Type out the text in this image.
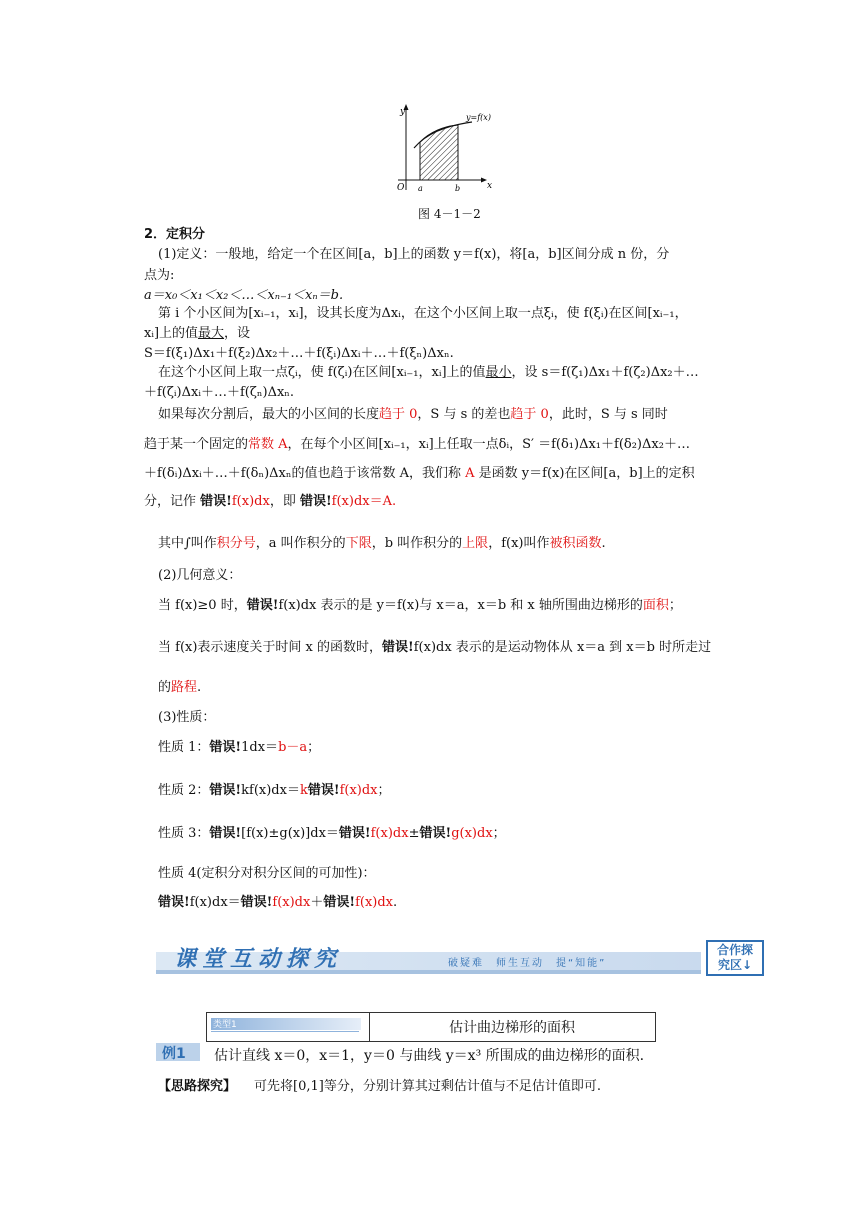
y
x
O a	b
y=f(x)
图 4－1－2
2．定积分
(1)定义：一般地，给定一个在区间[a，b]上的函数 y＝f(x)，将[a，b]区间分成 n 份，分
点为:
a＝x₀＜x₁＜x₂＜…＜xₙ₋₁＜xₙ＝b.
第 i 个小区间为[xᵢ₋₁，xᵢ]，设其长度为Δxᵢ，在这个小区间上取一点ξᵢ，使 f(ξᵢ)在区间[xᵢ₋₁，
xᵢ]上的值最大，设
S＝f(ξ₁)Δx₁＋f(ξ₂)Δx₂＋…＋f(ξᵢ)Δxᵢ＋…＋f(ξₙ)Δxₙ.
在这个小区间上取一点ζᵢ，使 f(ζᵢ)在区间[xᵢ₋₁，xᵢ]上的值最小，设 s＝f(ζ₁)Δx₁＋f(ζ₂)Δx₂＋…
＋f(ζᵢ)Δxᵢ＋…＋f(ζₙ)Δxₙ.
如果每次分割后，最大的小区间的长度趋于 0，S 与 s 的差也趋于 0，此时，S 与 s 同时
趋于某一个固定的常数 A，在每个小区间[xᵢ₋₁，xᵢ]上任取一点δᵢ，S′ ＝f(δ₁)Δx₁＋f(δ₂)Δx₂＋…
＋f(δᵢ)Δxᵢ＋…＋f(δₙ)Δxₙ的值也趋于该常数 A，我们称 A 是函数 y＝f(x)在区间[a，b]上的定积
分，记作 错误!f(x)dx，即 错误!f(x)dx＝A.
其中∫叫作积分号，a 叫作积分的下限，b 叫作积分的上限，f(x)叫作被积函数.
(2)几何意义：
当 f(x)≥0 时，错误!f(x)dx 表示的是 y＝f(x)与 x＝a，x＝b 和 x 轴所围曲边梯形的面积；
当 f(x)表示速度关于时间 x 的函数时，错误!f(x)dx 表示的是运动物体从 x＝a 到 x＝b 时所走过
的路程.
(3)性质：
性质 1：错误!1dx＝b－a；
性质 2：错误!kf(x)dx＝k错误!f(x)dx；
性质 3：错误![f(x)±g(x)]dx＝错误!f(x)dx±错误!g(x)dx；
性质 4(定积分对积分区间的可加性)：
错误!f(x)dx＝错误!f(x)dx＋错误!f(x)dx.
课堂互动探究	破疑难　师生互动　提“知能”
合作探
究区↓
类型1	估计曲边梯形的面积
例1 估计直线 x＝0，x＝1，y＝0 与曲线 y＝x³ 所围成的曲边梯形的面积.
【思路探究】 可先将[0,1]等分，分别计算其过剩估计值与不足估计值即可.
